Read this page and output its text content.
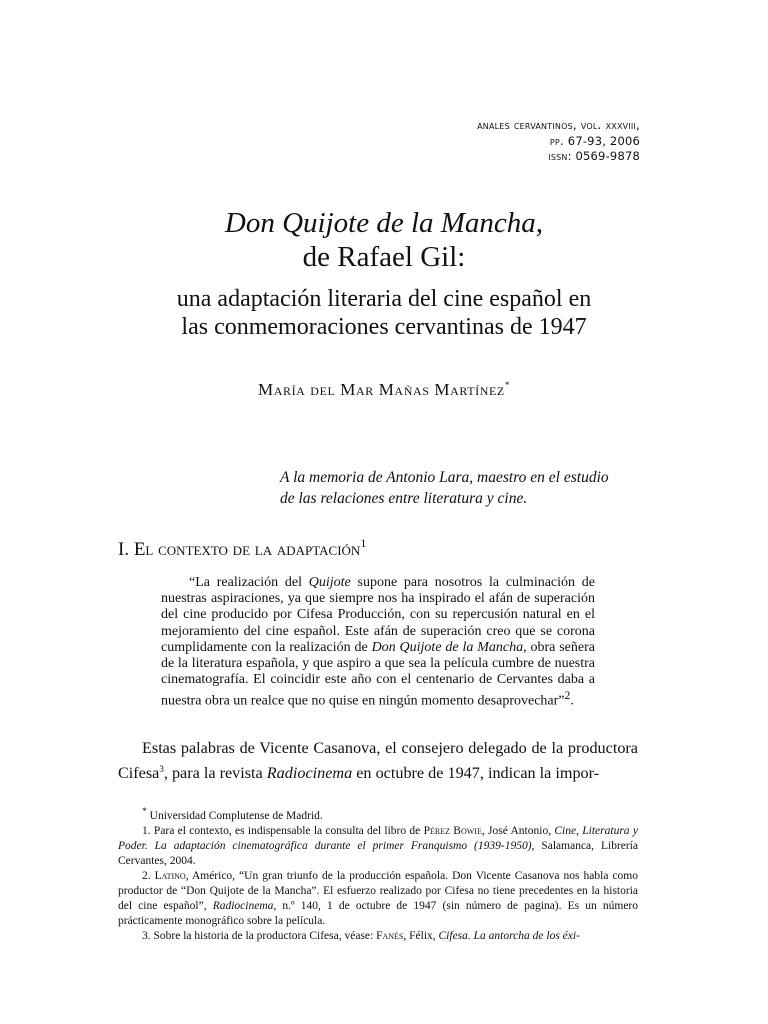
anales cervantinos, vol. xxxviii,
pp. 67-93, 2006
issn: 0569-9878
Don Quijote de la Mancha,
de Rafael Gil:
una adaptación literaria del cine español en
las conmemoraciones cervantinas de 1947
María del Mar Mañas Martínez*
A la memoria de Antonio Lara, maestro en el estudio
de las relaciones entre literatura y cine.
I. El contexto de la adaptación$^1$

“La realización del Quijote supone para nosotros la culminación de nuestras aspiraciones, ya que siempre nos ha inspirado el afán de superación del cine producido por Cifesa Producción, con su repercusión natural en el mejoramiento del cine español. Este afán de superación creo que se corona cumplidamente con la realización de Don Quijote de la Mancha, obra señera de la literatura española, y que aspiro a que sea la película cumbre de nuestra cinematografía. El coincidir este año con el centenario de Cervantes daba a nuestra obra un realce que no quise en ningún momento desaprovechar”$^2$.

Estas palabras de Vicente Casanova, el consejero delegado de la productora Cifesa$^3$, para la revista Radiocinema en octubre de 1947, indican la impor-

* Universidad Complutense de Madrid.

1. Para el contexto, es indispensable la consulta del libro de Pérez Bowie, José Antonio, Cine, Literatura y Poder. La adaptación cinematográfica durante el primer Franquismo (1939-1950), Salamanca, Librería Cervantes, 2004.

2. Latino, Américo, “Un gran triunfo de la producción española. Don Vicente Casanova nos habla como productor de “Don Quijote de la Mancha”. El esfuerzo realizado por Cifesa no tiene precedentes en la historia del cine español”, Radiocinema, n.º 140, 1 de octubre de 1947 (sin número de pagina). Es un número prácticamente monográfico sobre la película.

3. Sobre la historia de la productora Cifesa, véase: Fanés, Félix, Cifesa. La antorcha de los éxi-
